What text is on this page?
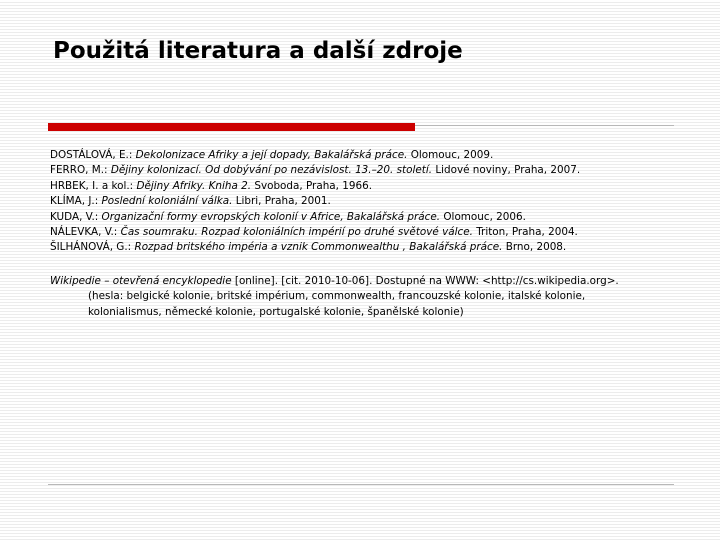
Použitá literatura a další zdroje
DOSTÁLOVÁ, E.: Dekolonizace Afriky a její dopady, Bakalářská práce. Olomouc, 2009.
FERRO, M.: Dějiny kolonizací. Od dobývání po nezávislost. 13.–20. století. Lidové noviny, Praha, 2007.
HRBEK, I. a kol.: Dějiny Afriky. Kniha 2. Svoboda, Praha, 1966.
KLÍMA, J.: Poslední koloniální válka. Libri, Praha, 2001.
KUDA, V.: Organizační formy evropských kolonií v Africe, Bakalářská práce. Olomouc, 2006.
NÁLEVKA, V.: Čas soumraku. Rozpad koloniálních impérií po druhé světové válce. Triton, Praha, 2004.
ŠILHÁNOVÁ, G.: Rozpad britského impéria a vznik Commonwealthu , Bakalářská práce. Brno, 2008.
Wikipedie – otevřená encyklopedie [online]. [cit. 2010-10-06]. Dostupné na WWW: <http://cs.wikipedia.org>.
(hesla: belgické kolonie, britské impérium, commonwealth, francouzské kolonie, italské kolonie,
kolonialismus, německé kolonie, portugalské kolonie, španělské kolonie)
